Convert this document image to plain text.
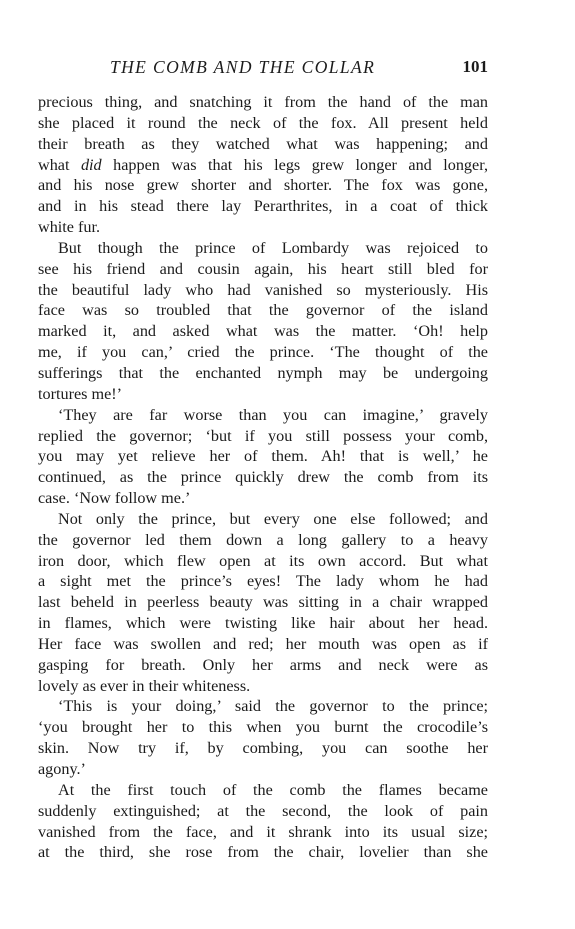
THE COMB AND THE COLLAR	101
precious thing, and snatching it from the hand of the man
she placed it round the neck of the fox. All present held
their breath as they watched what was happening; and
what did happen was that his legs grew longer and longer,
and his nose grew shorter and shorter. The fox was gone,
and in his stead there lay Perarthrites, in a coat of thick
white fur.
But though the prince of Lombardy was rejoiced to
see his friend and cousin again, his heart still bled for
the beautiful lady who had vanished so mysteriously. His
face was so troubled that the governor of the island
marked it, and asked what was the matter. ‘Oh! help
me, if you can,’ cried the prince. ‘The thought of the
sufferings that the enchanted nymph may be undergoing
tortures me!’
‘They are far worse than you can imagine,’ gravely
replied the governor; ‘but if you still possess your comb,
you may yet relieve her of them. Ah! that is well,’ he
continued, as the prince quickly drew the comb from its
case. ‘Now follow me.’
Not only the prince, but every one else followed; and
the governor led them down a long gallery to a heavy
iron door, which flew open at its own accord. But what
a sight met the prince’s eyes! The lady whom he had
last beheld in peerless beauty was sitting in a chair wrapped
in flames, which were twisting like hair about her head.
Her face was swollen and red; her mouth was open as if
gasping for breath. Only her arms and neck were as
lovely as ever in their whiteness.
‘This is your doing,’ said the governor to the prince;
‘you brought her to this when you burnt the crocodile’s
skin. Now try if, by combing, you can soothe her
agony.’
At the first touch of the comb the flames became
suddenly extinguished; at the second, the look of pain
vanished from the face, and it shrank into its usual size;
at the third, she rose from the chair, lovelier than she
